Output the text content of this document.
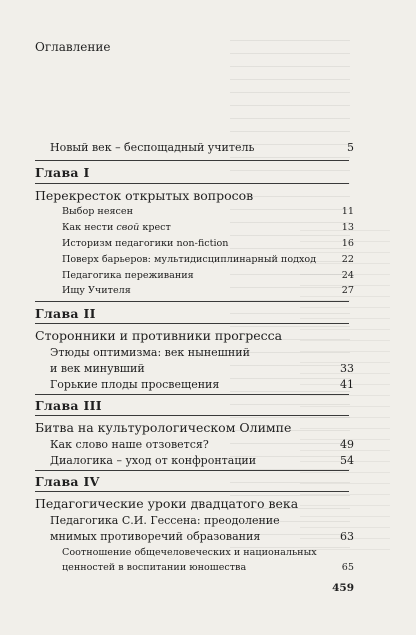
Оглавление
Новый век – беспощадный учитель	5
Глава I
Перекресток открытых вопросов
Выбор неясен	11
Как нести свой крест	13
Историзм педагогики non-fiction	16
Поверх барьеров: мультидисциплинарный подход	22
Педагогика переживания	24
Ищу Учителя	27
Глава II
Сторонники и противники прогресса
Этюды оптимизма: век нынешний
и век минувший	33
Горькие плоды просвещения	41
Глава III
Битва на культурологическом Олимпе
Как слово наше отзовется?	49
Диалогика – уход от конфронтации	54
Глава IV
Педагогические уроки двадцатого века
Педагогика С.И. Гессена: преодоление
мнимых противоречий образования	63
Соотношение общечеловеческих и национальных
ценностей в воспитании юношества	65
459
